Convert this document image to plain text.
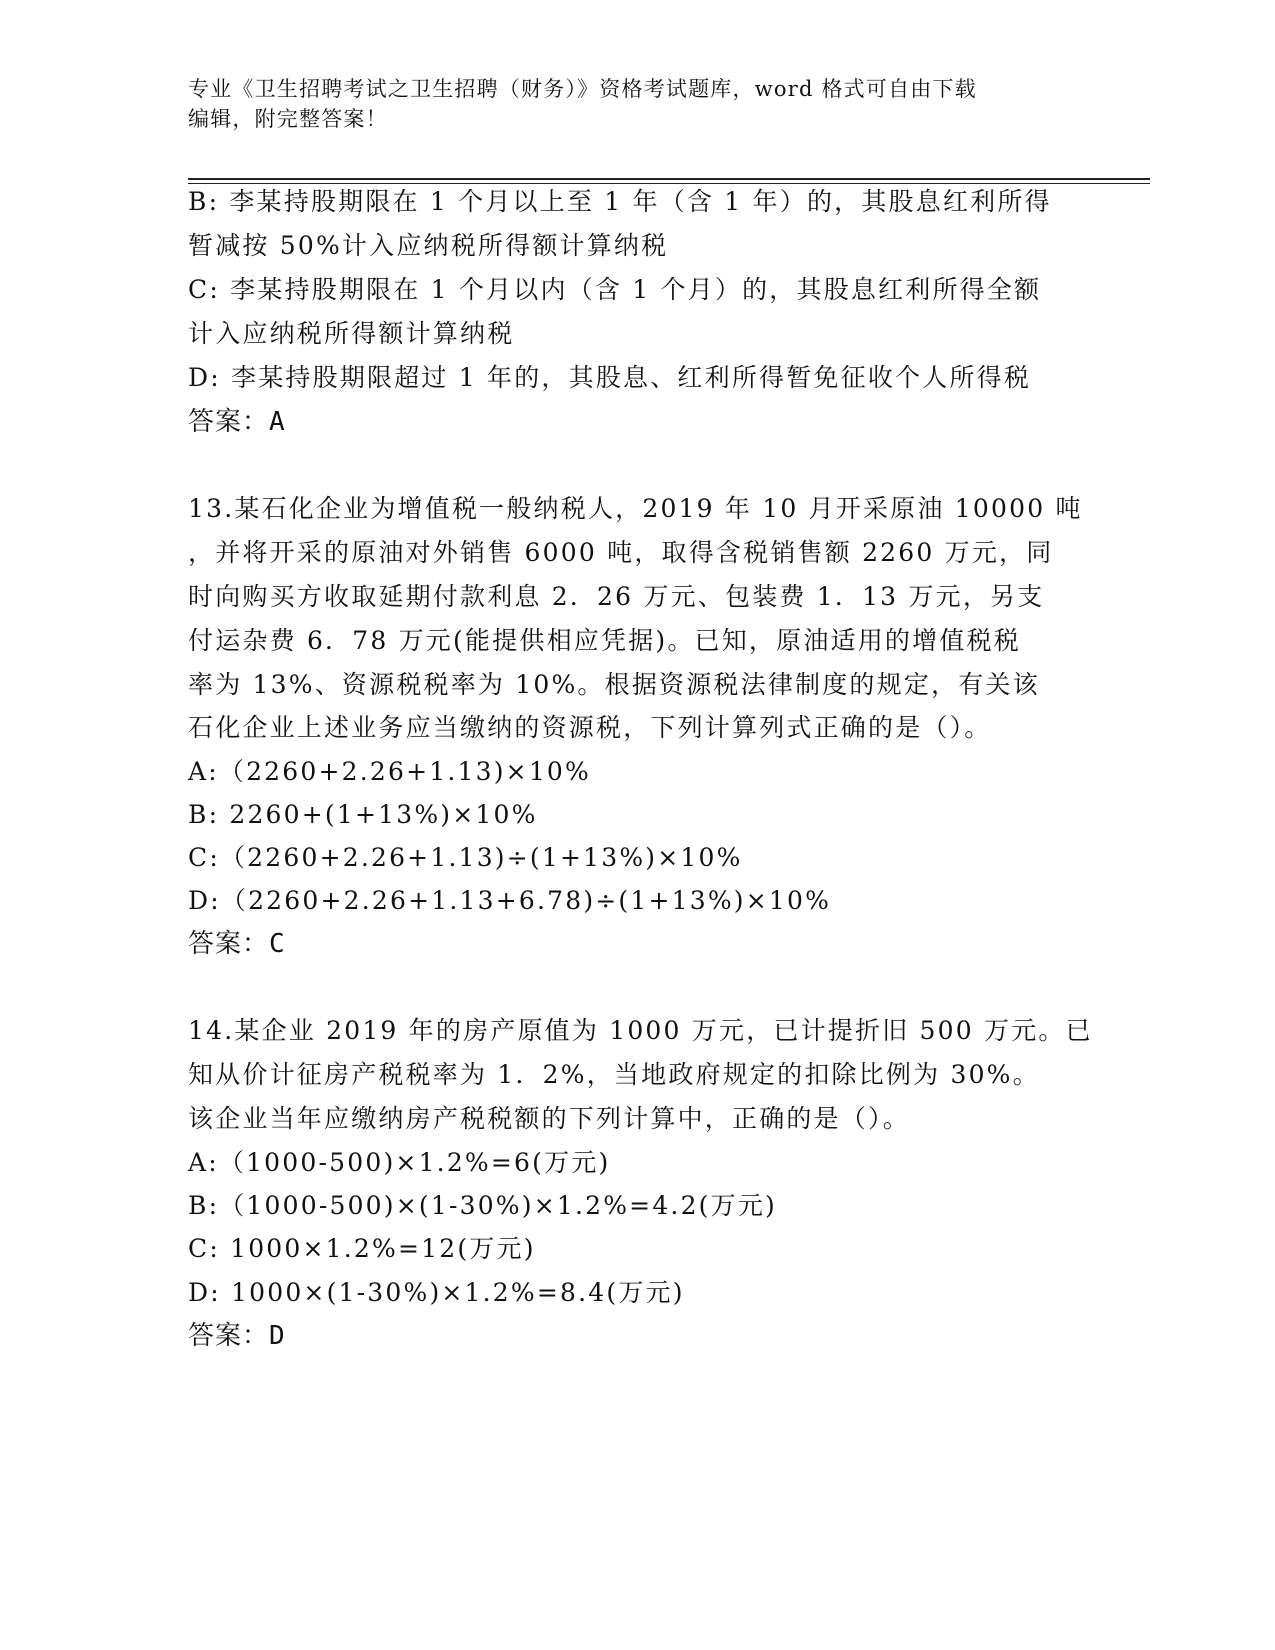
专业《卫生招聘考试之卫生招聘（财务）》资格考试题库，word 格式可自由下载
编辑，附完整答案！
B: 李某持股期限在 1 个月以上至 1 年（含 1 年）的，其股息红利所得
暂减按 50%计入应纳税所得额计算纳税
C: 李某持股期限在 1 个月以内（含 1 个月）的，其股息红利所得全额
计入应纳税所得额计算纳税
D: 李某持股期限超过 1 年的，其股息、红利所得暂免征收个人所得税
答案：A
13.某石化企业为增值税一般纳税人，2019 年 10 月开采原油 10000 吨
，并将开采的原油对外销售 6000 吨，取得含税销售额 2260 万元，同
时向购买方收取延期付款利息 2．26 万元、包装费 1．13 万元，另支
付运杂费 6．78 万元(能提供相应凭据)。已知，原油适用的增值税税
率为 13%、资源税税率为 10%。根据资源税法律制度的规定，有关该
石化企业上述业务应当缴纳的资源税，下列计算列式正确的是（）。
A:（2260+2.26+1.13)×10%
B: 2260+(1+13%)×10%
C:（2260+2.26+1.13)÷(1+13%)×10%
D:（2260+2.26+1.13+6.78)÷(1+13%)×10%
答案：C
14.某企业 2019 年的房产原值为 1000 万元，已计提折旧 500 万元。已
知从价计征房产税税率为 1．2%，当地政府规定的扣除比例为 30%。
该企业当年应缴纳房产税税额的下列计算中，正确的是（）。
A:（1000-500)×1.2%=6(万元)
B:（1000-500)×(1-30%)×1.2%=4.2(万元)
C: 1000×1.2%=12(万元)
D: 1000×(1-30%)×1.2%=8.4(万元)
答案：D
